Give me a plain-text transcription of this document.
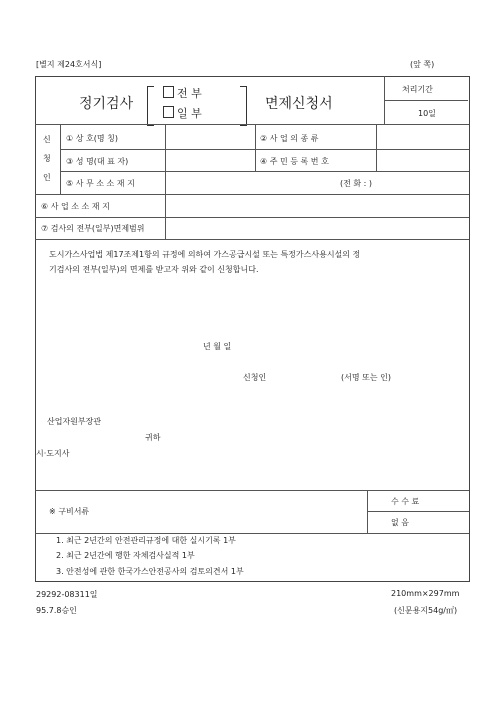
[별지 제24호서식]	(앞 쪽)
정기검사
전 부
일 부
면제신청서
처리기간
10일
신
청
인
① 상 호(명 칭)	② 사 업 의 종 류
③ 성 명(대 표 자)	④ 주 민 등 록 번 호
⑤ 사 무 소 소 재 지	(전 화 : )
⑥ 사 업 소 소 재 지
⑦ 검사의 전부(일부)면제범위
도시가스사업법 제17조제1항의 규정에 의하여 가스공급시설 또는 특정가스사용시설의 정
기검사의 전부(일부)의 면제를 받고자 위와 같이 신청합니다.
년 월 일
신청인	(서명 또는 인)
산업자원부장관
귀하
시·도지사
※ 구비서류
수 수 료
없 음
1. 최근 2년간의 안전관리규정에 대한 실시기록 1부
2. 최근 2년간에 행한 자체검사실적 1부
3. 안전성에 관한 한국가스안전공사의 검토의견서 1부
29292-08311일
95.7.8승인
210mm×297mm
(신문용지54g/㎡)
